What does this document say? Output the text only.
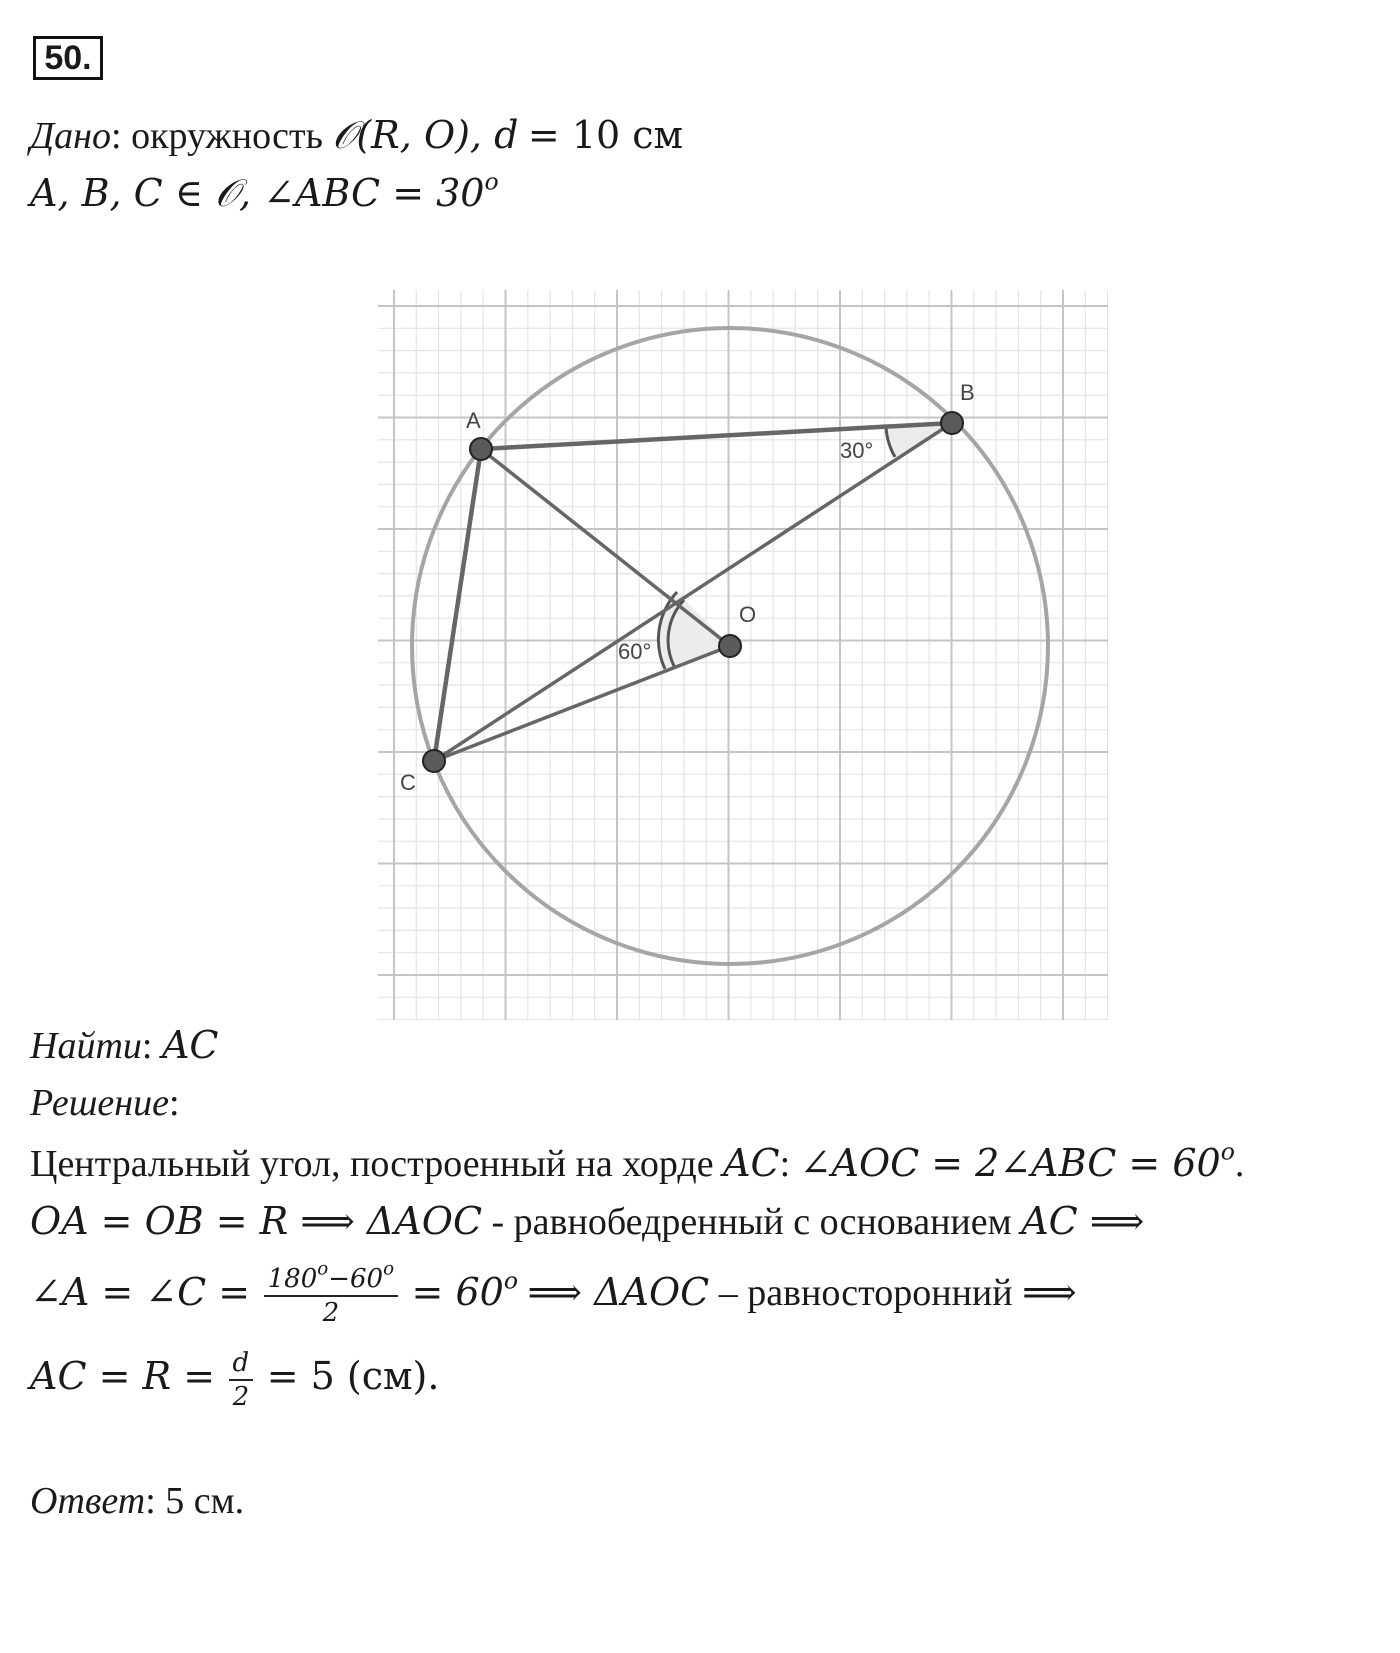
50.
Дано: окружность 𝒪(R, O), d = 10 см
A, B, C ∈ 𝒪, ∠ABC = $30^o$
A
B
C
O
30°
60°
Найти: AC
Решение:
Центральный угол, построенный на хорде AC: ∠AOC = 2∠ABC = $60^o$.
OA = OB = R ⟹ ΔAOC - равнобедренный с основанием AC ⟹
∠A = ∠C = $\frac{180^o-60^o}{2} = 60^o$ ⟹ ΔAOC – равносторонний ⟹
AC = $R = \frac{d}{2} = 5$ (см).
Ответ: 5 см.
